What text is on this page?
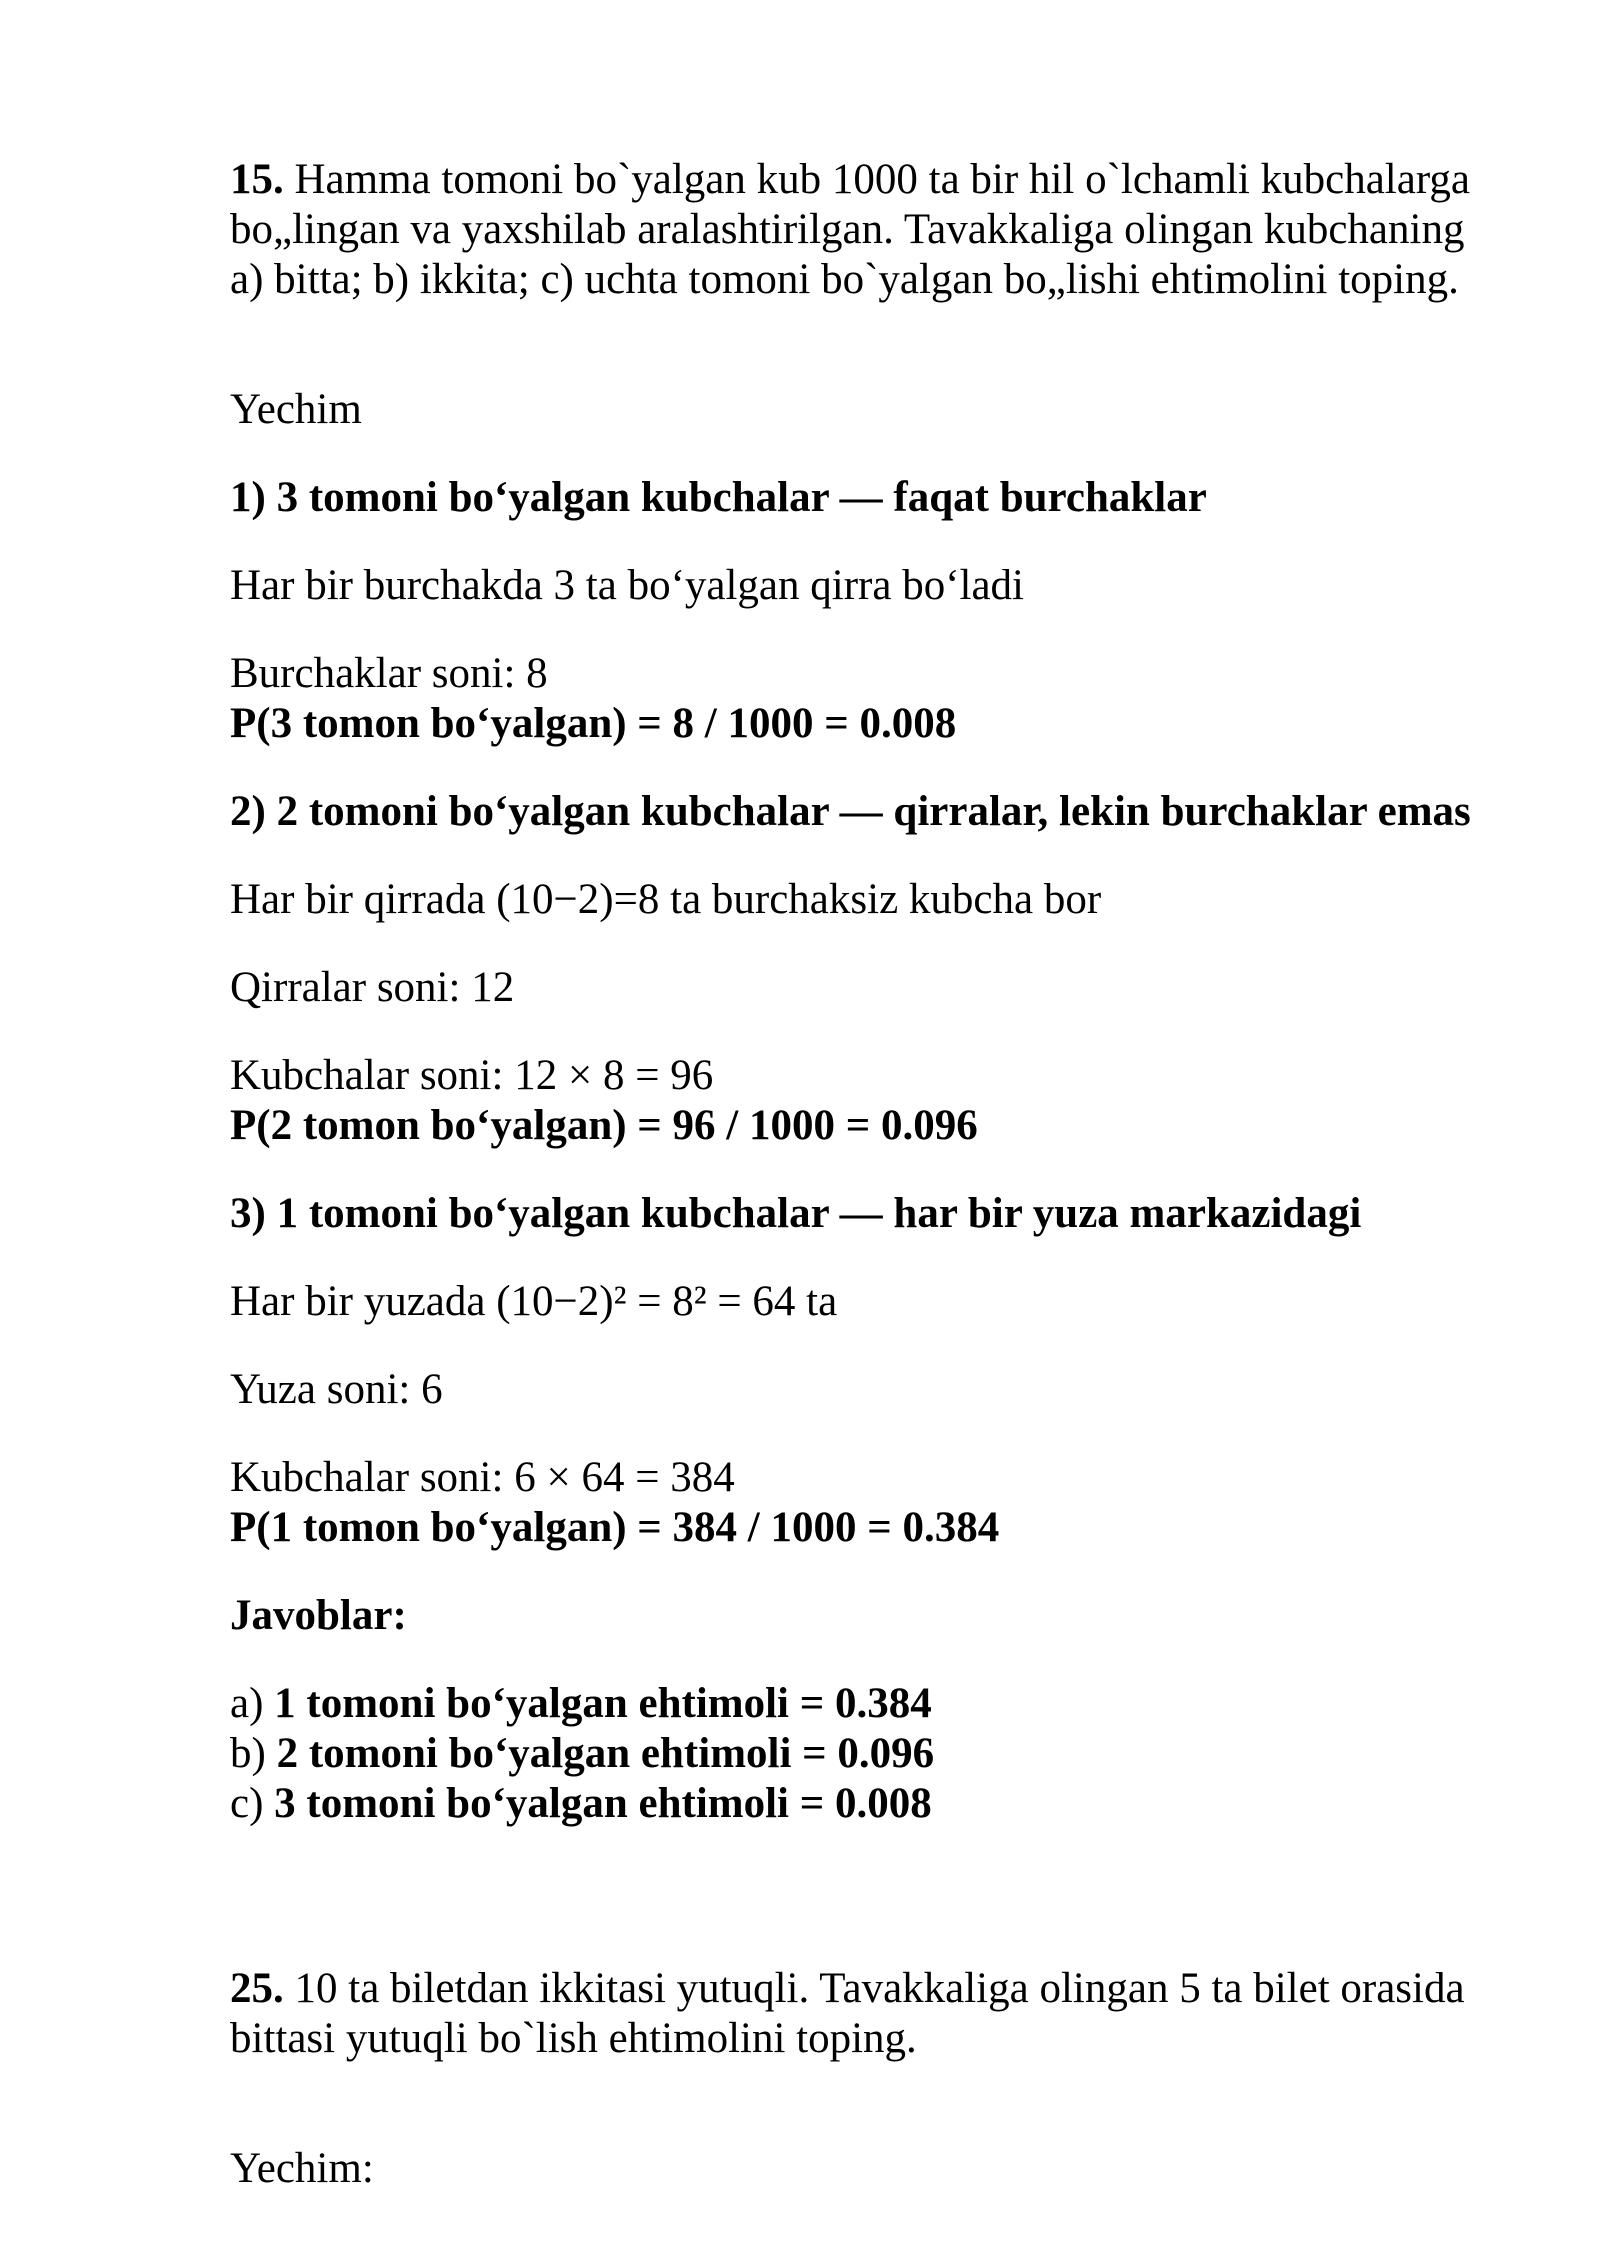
15. Hamma tomoni bo`yalgan kub 1000 ta bir hil o`lchamli kubchalarga

bo„lingan va yaxshilab aralashtirilgan. Tavakkaliga olingan kubchaning

a) bitta; b) ikkita; c) uchta tomoni bo`yalgan bo„lishi ehtimolini toping.

Yechim

1) 3 tomoni bo‘yalgan kubchalar — faqat burchaklar

Har bir burchakda 3 ta bo‘yalgan qirra bo‘ladi

Burchaklar soni: 8

P(3 tomon bo‘yalgan) = 8 / 1000 = 0.008

2) 2 tomoni bo‘yalgan kubchalar — qirralar, lekin burchaklar emas

Har bir qirrada (10−2)=8 ta burchaksiz kubcha bor

Qirralar soni: 12

Kubchalar soni: 12 × 8 = 96

P(2 tomon bo‘yalgan) = 96 / 1000 = 0.096

3) 1 tomoni bo‘yalgan kubchalar — har bir yuza markazidagi

Har bir yuzada (10−2)² = 8² = 64 ta

Yuza soni: 6

Kubchalar soni: 6 × 64 = 384

P(1 tomon bo‘yalgan) = 384 / 1000 = 0.384

Javoblar:

a) 1 tomoni bo‘yalgan ehtimoli = 0.384

b) 2 tomoni bo‘yalgan ehtimoli = 0.096

c) 3 tomoni bo‘yalgan ehtimoli = 0.008

25. 10 ta biletdan ikkitasi yutuqli. Tavakkaliga olingan 5 ta bilet orasida

bittasi yutuqli bo`lish ehtimolini toping.

Yechim:
